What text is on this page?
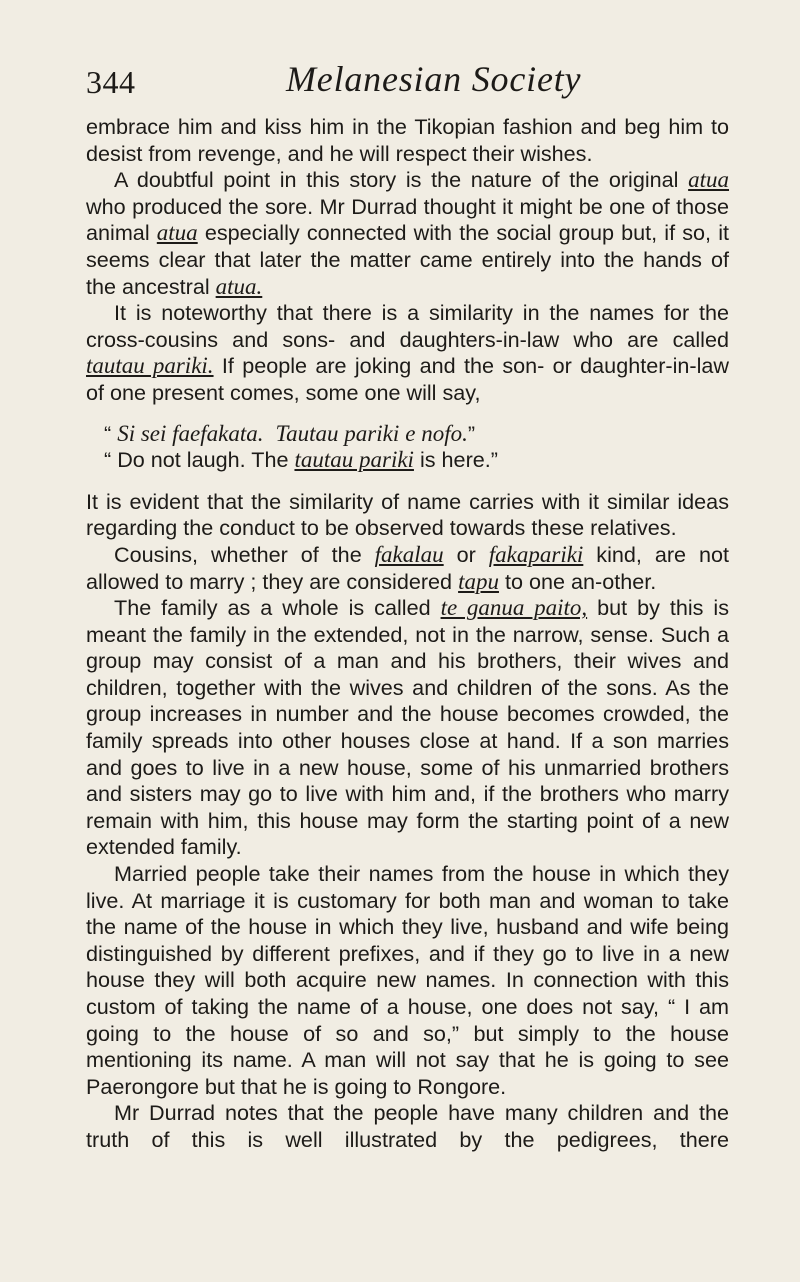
344	Melanesian Society

embrace him and kiss him in the Tikopian fashion and beg him to desist from revenge, and he will respect their wishes.

A doubtful point in this story is the nature of the original atua who produced the sore. Mr Durrad thought it might be one of those animal atua especially connected with the social group but, if so, it seems clear that later the matter came entirely into the hands of the ancestral atua.

It is noteworthy that there is a similarity in the names for the cross-cousins and sons- and daughters-in-law who are called tautau pariki. If people are joking and the son- or daughter-in-law of one present comes, some one will say,

“ Si sei faefakata. Tautau pariki e nofo.”

“ Do not laugh. The tautau pariki is here.”

It is evident that the similarity of name carries with it similar ideas regarding the conduct to be observed towards these relatives.

Cousins, whether of the fakalau or fakapariki kind, are not allowed to marry ; they are considered tapu to one an-other.

The family as a whole is called te ganua paito, but by this is meant the family in the extended, not in the narrow, sense. Such a group may consist of a man and his brothers, their wives and children, together with the wives and children of the sons. As the group increases in number and the house becomes crowded, the family spreads into other houses close at hand. If a son marries and goes to live in a new house, some of his unmarried brothers and sisters may go to live with him and, if the brothers who marry remain with him, this house may form the starting point of a new extended family.

Married people take their names from the house in which they live. At marriage it is customary for both man and woman to take the name of the house in which they live, husband and wife being distinguished by different prefixes, and if they go to live in a new house they will both acquire new names. In connection with this custom of taking the name of a house, one does not say, “ I am going to the house of so and so,” but simply to the house mentioning its name. A man will not say that he is going to see Paerongore but that he is going to Rongore.

Mr Durrad notes that the people have many children and the truth of this is well illustrated by the pedigrees, there
